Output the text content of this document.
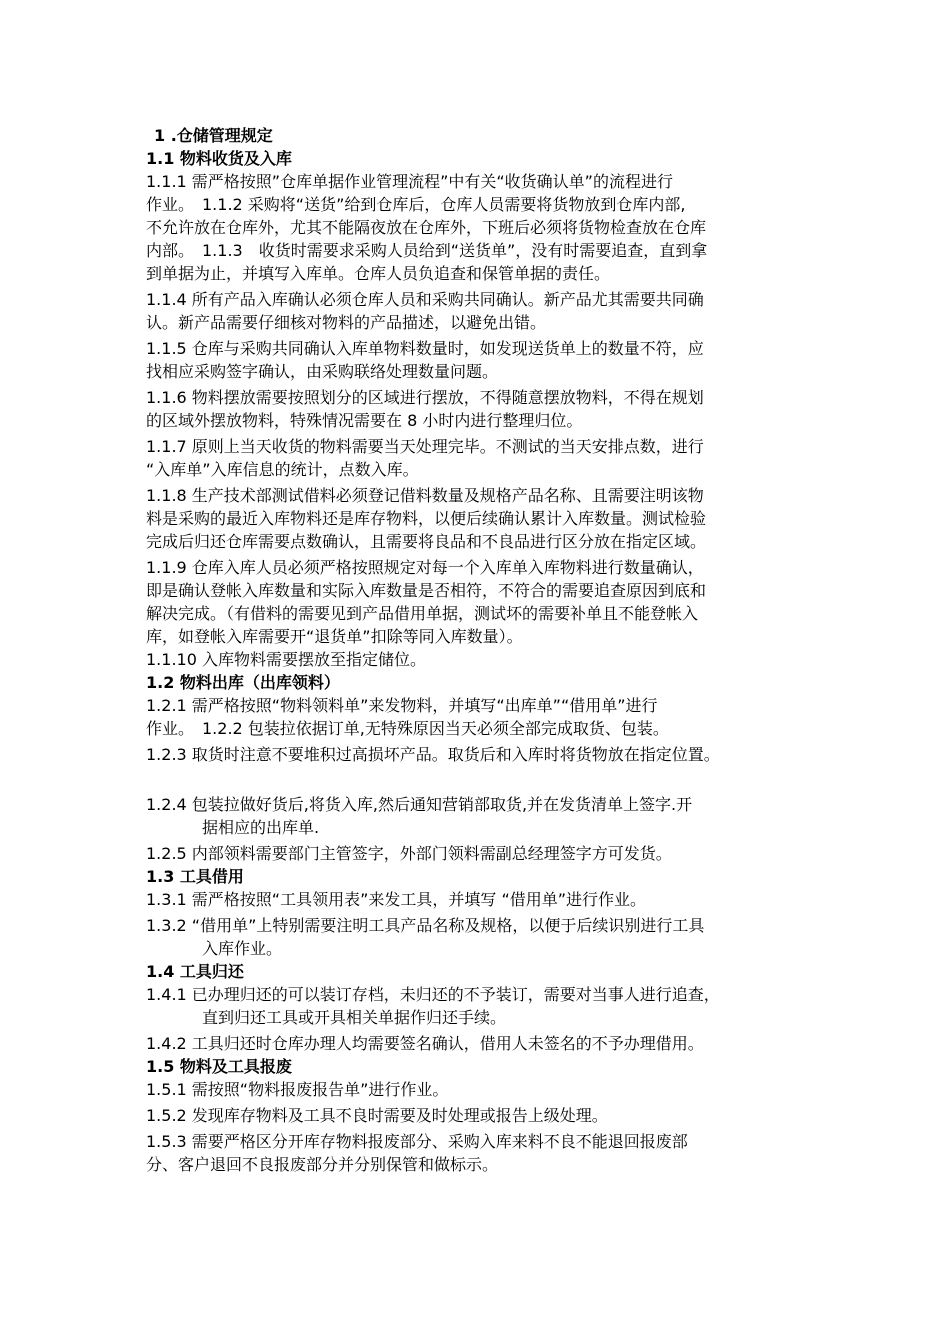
1 .仓储管理规定
1.1 物料收货及入库
1.1.1 需严格按照”仓库单据作业管理流程”中有关“收货确认单”的流程进行
作业。　1.1.2 采购将“送货”给到仓库后，仓库人员需要将货物放到仓库内部,
不允许放在仓库外，尤其不能隔夜放在仓库外，下班后必须将货物检查放在仓库
内部。　1.1.3　收货时需要求采购人员给到“送货单”，没有时需要追查，直到拿
到单据为止，并填写入库单。仓库人员负追查和保管单据的责任。
1.1.4 所有产品入库确认必须仓库人员和采购共同确认。新产品尤其需要共同确
认。新产品需要仔细核对物料的产品描述，以避免出错。
1.1.5 仓库与采购共同确认入库单物料数量时，如发现送货单上的数量不符，应
找相应采购签字确认，由采购联络处理数量问题。
1.1.6 物料摆放需要按照划分的区域进行摆放，不得随意摆放物料，不得在规划
的区域外摆放物料，特殊情况需要在 8 小时内进行整理归位。
1.1.7 原则上当天收货的物料需要当天处理完毕。不测试的当天安排点数，进行
“入库单”入库信息的统计，点数入库。
1.1.8 生产技术部测试借料必须登记借料数量及规格产品名称、且需要注明该物
料是采购的最近入库物料还是库存物料，以便后续确认累计入库数量。测试检验
完成后归还仓库需要点数确认，且需要将良品和不良品进行区分放在指定区域。
1.1.9 仓库入库人员必须严格按照规定对每一个入库单入库物料进行数量确认，
即是确认登帐入库数量和实际入库数量是否相符，不符合的需要追查原因到底和
解决完成。（有借料的需要见到产品借用单据，测试坏的需要补单且不能登帐入
库，如登帐入库需要开“退货单”扣除等同入库数量）。
1.1.10 入库物料需要摆放至指定储位。
1.2 物料出库（出库领料）
1.2.1 需严格按照“物料领料单”来发物料，并填写“出库单”“借用单”进行
作业。　1.2.2 包装拉依据订单,无特殊原因当天必须全部完成取货、包装。
1.2.3 取货时注意不要堆积过高损坏产品。取货后和入库时将货物放在指定位置。
1.2.4 包装拉做好货后,将货入库,然后通知营销部取货,并在发货清单上签字.开
据相应的出库单.
1.2.5 内部领料需要部门主管签字，外部门领料需副总经理签字方可发货。
1.3 工具借用
1.3.1 需严格按照“工具领用表”来发工具，并填写 “借用单”进行作业。
1.3.2 “借用单”上特别需要注明工具产品名称及规格，以便于后续识别进行工具
入库作业。
1.4 工具归还
1.4.1 已办理归还的可以装订存档，未归还的不予装订，需要对当事人进行追查，
直到归还工具或开具相关单据作归还手续。
1.4.2 工具归还时仓库办理人均需要签名确认，借用人未签名的不予办理借用。
1.5 物料及工具报废
1.5.1 需按照“物料报废报告单”进行作业。
1.5.2 发现库存物料及工具不良时需要及时处理或报告上级处理。
1.5.3 需要严格区分开库存物料报废部分、采购入库来料不良不能退回报废部
分、客户退回不良报废部分并分别保管和做标示。
